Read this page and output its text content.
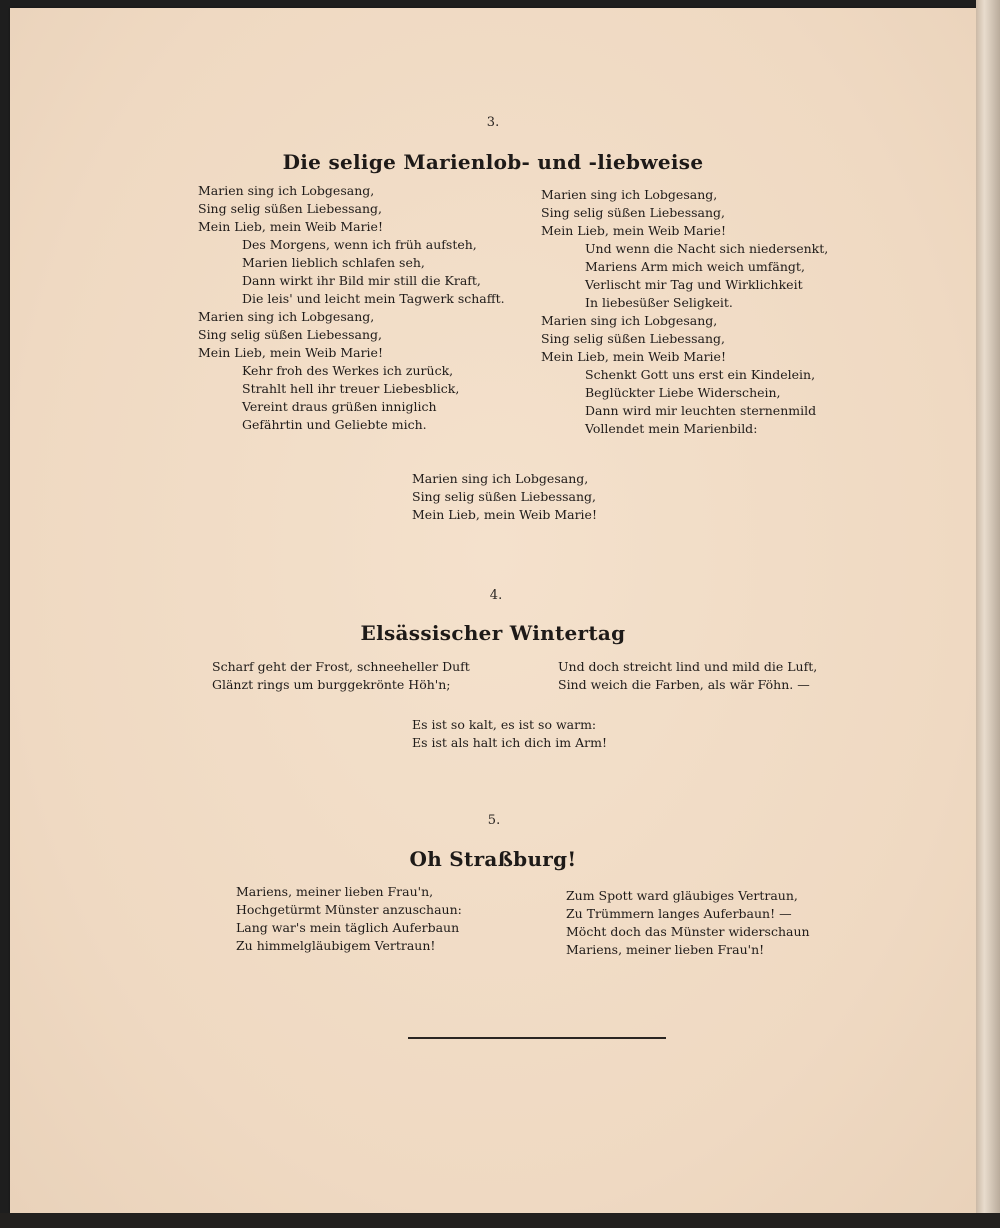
3.
Die selige Marienlob- und -liebweise
Marien sing ich Lobgesang,
Sing selig süßen Liebessang,
Mein Lieb, mein Weib Marie!
Des Morgens, wenn ich früh aufsteh,
Marien lieblich schlafen seh,
Dann wirkt ihr Bild mir still die Kraft,
Die leis' und leicht mein Tagwerk schafft.
Marien sing ich Lobgesang,
Sing selig süßen Liebessang,
Mein Lieb, mein Weib Marie!
Kehr froh des Werkes ich zurück,
Strahlt hell ihr treuer Liebesblick,
Vereint draus grüßen inniglich
Gefährtin und Geliebte mich.
Marien sing ich Lobgesang,
Sing selig süßen Liebessang,
Mein Lieb, mein Weib Marie!
Und wenn die Nacht sich niedersenkt,
Mariens Arm mich weich umfängt,
Verlischt mir Tag und Wirklichkeit
In liebesüßer Seligkeit.
Marien sing ich Lobgesang,
Sing selig süßen Liebessang,
Mein Lieb, mein Weib Marie!
Schenkt Gott uns erst ein Kindelein,
Beglückter Liebe Widerschein,
Dann wird mir leuchten sternenmild
Vollendet mein Marienbild:
Marien sing ich Lobgesang,
Sing selig süßen Liebessang,
Mein Lieb, mein Weib Marie!
4.
Elsässischer Wintertag
Scharf geht der Frost, schneeheller Duft
Glänzt rings um burggekrönte Höh'n;
Und doch streicht lind und mild die Luft,
Sind weich die Farben, als wär Föhn. —
Es ist so kalt, es ist so warm:
Es ist als halt ich dich im Arm!
5.
Oh Straßburg!
Mariens, meiner lieben Frau'n,
Hochgetürmt Münster anzuschaun:
Lang war's mein täglich Auferbaun
Zu himmelgläubigem Vertraun!
Zum Spott ward gläubiges Vertraun,
Zu Trümmern langes Auferbaun! —
Möcht doch das Münster widerschaun
Mariens, meiner lieben Frau'n!
